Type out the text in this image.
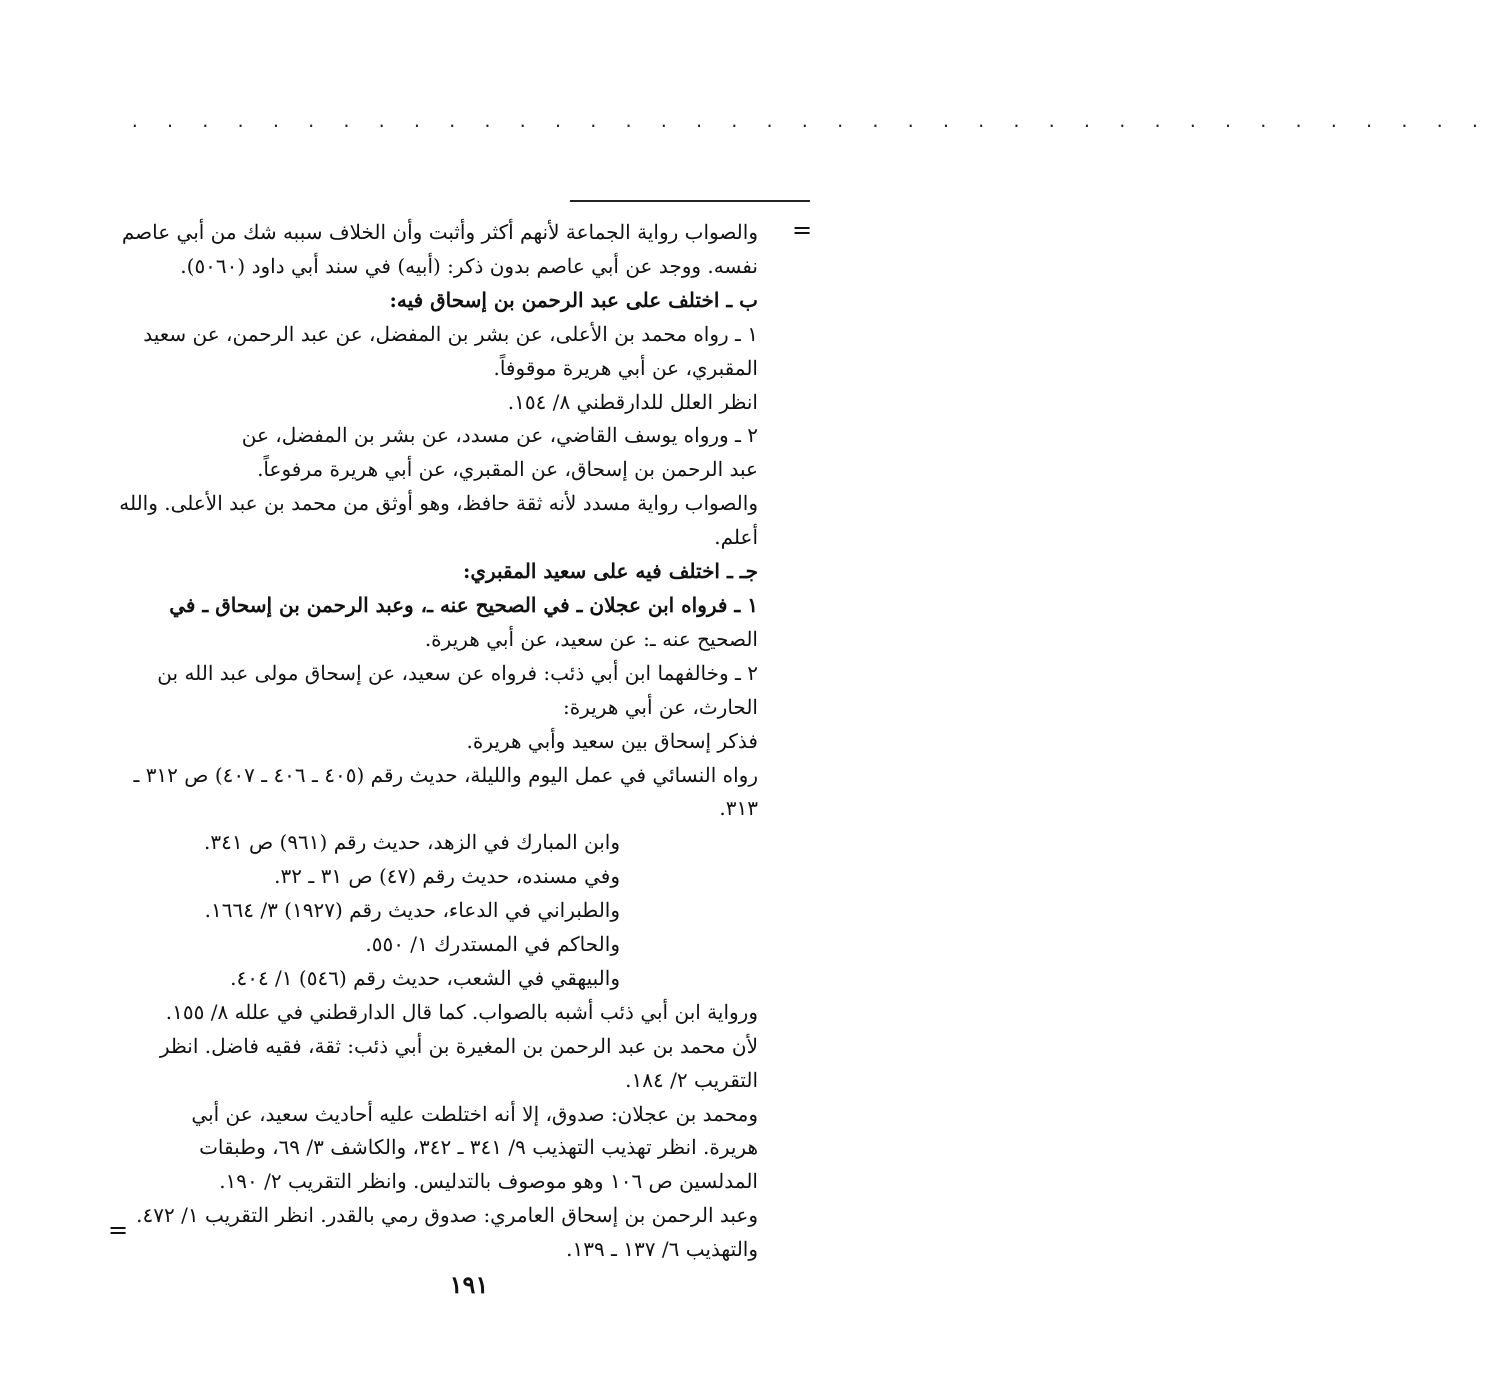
. . . . . . . . . . . . . . . . . . . . . . . . . . . . . . . . . . . . . . .
=
والصواب رواية الجماعة لأنهم أكثر وأثبت وأن الخلاف سببه شك من أبي عاصم
نفسه. ووجد عن أبي عاصم بدون ذكر: (أبيه) في سند أبي داود (٥٠٦٠).
ب ـ اختلف على عبد الرحمن بن إسحاق فيه:
١ ـ رواه محمد بن الأعلى، عن بشر بن المفضل، عن عبد الرحمن، عن سعيد
المقبري، عن أبي هريرة موقوفاً.
انظر العلل للدارقطني ٨/ ١٥٤.
٢ ـ ورواه يوسف القاضي، عن مسدد، عن بشر بن المفضل، عن
عبد الرحمن بن إسحاق، عن المقبري، عن أبي هريرة مرفوعاً.
والصواب رواية مسدد لأنه ثقة حافظ، وهو أوثق من محمد بن عبد الأعلى. والله
أعلم.
جـ ـ اختلف فيه على سعيد المقبري:
١ ـ فرواه ابن عجلان ـ في الصحيح عنه ـ، وعبد الرحمن بن إسحاق ـ في
الصحيح عنه ـ: عن سعيد، عن أبي هريرة.
٢ ـ وخالفهما ابن أبي ذئب: فرواه عن سعيد، عن إسحاق مولى عبد الله بن
الحارث، عن أبي هريرة:
فذكر إسحاق بين سعيد وأبي هريرة.
رواه النسائي في عمل اليوم والليلة، حديث رقم (٤٠٥ ـ ٤٠٦ ـ ٤٠٧) ص ٣١٢ ـ
٣١٣.
وابن المبارك في الزهد، حديث رقم (٩٦١) ص ٣٤١.
وفي مسنده، حديث رقم (٤٧) ص ٣١ ـ ٣٢.
والطبراني في الدعاء، حديث رقم (١٩٢٧) ٣/ ١٦٦٤.
والحاكم في المستدرك ١/ ٥٥٠.
والبيهقي في الشعب، حديث رقم (٥٤٦) ١/ ٤٠٤.
ورواية ابن أبي ذئب أشبه بالصواب. كما قال الدارقطني في علله ٨/ ١٥٥.
لأن محمد بن عبد الرحمن بن المغيرة بن أبي ذئب: ثقة، فقيه فاضل. انظر
التقريب ٢/ ١٨٤.
ومحمد بن عجلان: صدوق، إلا أنه اختلطت عليه أحاديث سعيد، عن أبي
هريرة. انظر تهذيب التهذيب ٩/ ٣٤١ ـ ٣٤٢، والكاشف ٣/ ٦٩، وطبقات
المدلسين ص ١٠٦ وهو موصوف بالتدليس. وانظر التقريب ٢/ ١٩٠.
وعبد الرحمن بن إسحاق العامري: صدوق رمي بالقدر. انظر التقريب ١/ ٤٧٢.
والتهذيب ٦/ ١٣٧ ـ ١٣٩.
=
١٩١
